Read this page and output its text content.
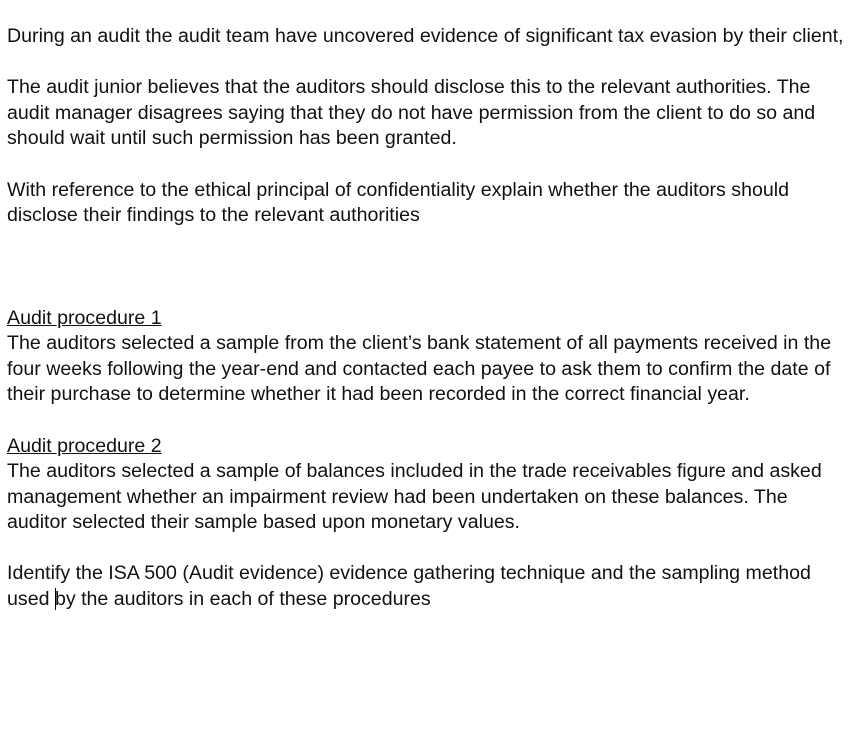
During an audit the audit team have uncovered evidence of significant tax evasion by their client,

The audit junior believes that the auditors should disclose this to the relevant authorities. The audit manager disagrees saying that they do not have permission from the client to do so and should wait until such permission has been granted.

With reference to the ethical principal of confidentiality explain whether the auditors should disclose their findings to the relevant authorities

Audit procedure 1
The auditors selected a sample from the client’s bank statement of all payments received in the four weeks following the year-end and contacted each payee to ask them to confirm the date of their purchase to determine whether it had been recorded in the correct financial year.
Audit procedure 2
The auditors selected a sample of balances included in the trade receivables figure and asked management whether an impairment review had been undertaken on these balances. The auditor selected their sample based upon monetary values.

Identify the ISA 500 (Audit evidence) evidence gathering technique and the sampling method used by the auditors in each of these procedures
